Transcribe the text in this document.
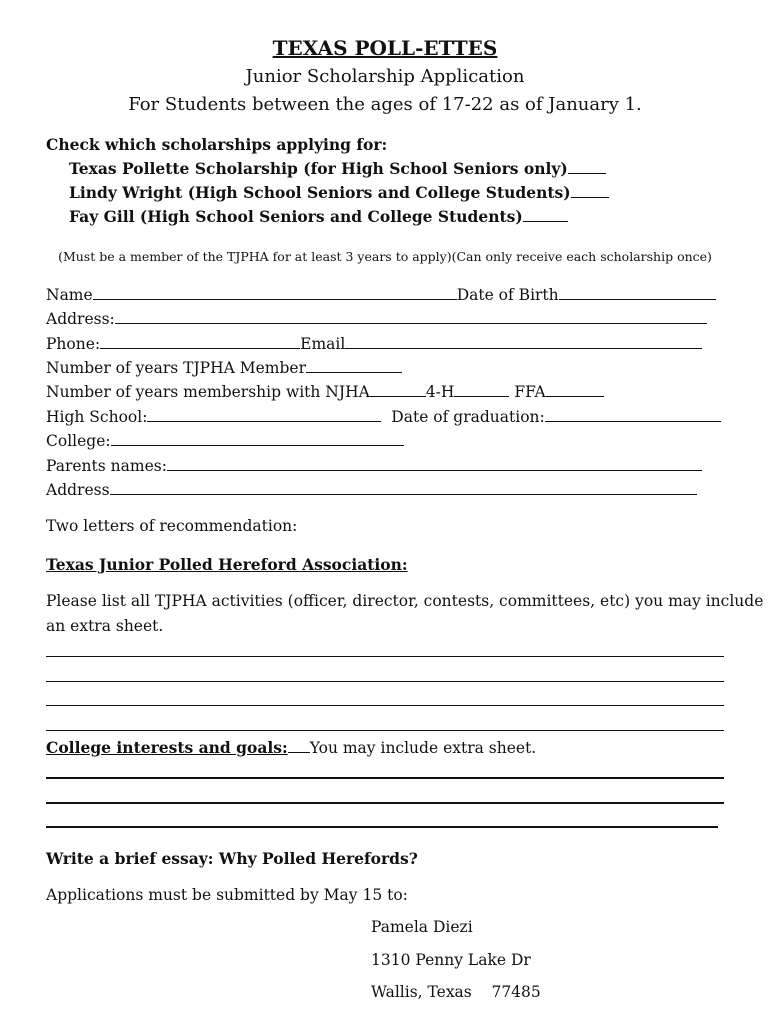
TEXAS POLL-ETTES
Junior Scholarship Application
For Students between the ages of 17-22 as of January 1.
Check which scholarships applying for:
Texas Pollette Scholarship (for High School Seniors only)
Lindy Wright (High School Seniors and College Students)
Fay Gill (High School Seniors and College Students)
(Must be a member of the TJPHA for at least 3 years to apply)(Can only receive each scholarship once)
Name	Date of Birth
Address:
Phone:	Email
Number of years TJPHA Member
Number of years membership with NJHA	4-H	FFA
High School:	Date of graduation:
College:
Parents names:
Address
Two letters of recommendation:
Texas Junior Polled Hereford Association:
Please list all TJPHA activities (officer, director, contests, committees, etc) you may include
an extra sheet.
College interests and goals: You may include extra sheet.
Write a brief essay: Why Polled Herefords?
Applications must be submitted by May 15 to:
Pamela Diezi
1310 Penny Lake Dr
Wallis, Texas    77485
